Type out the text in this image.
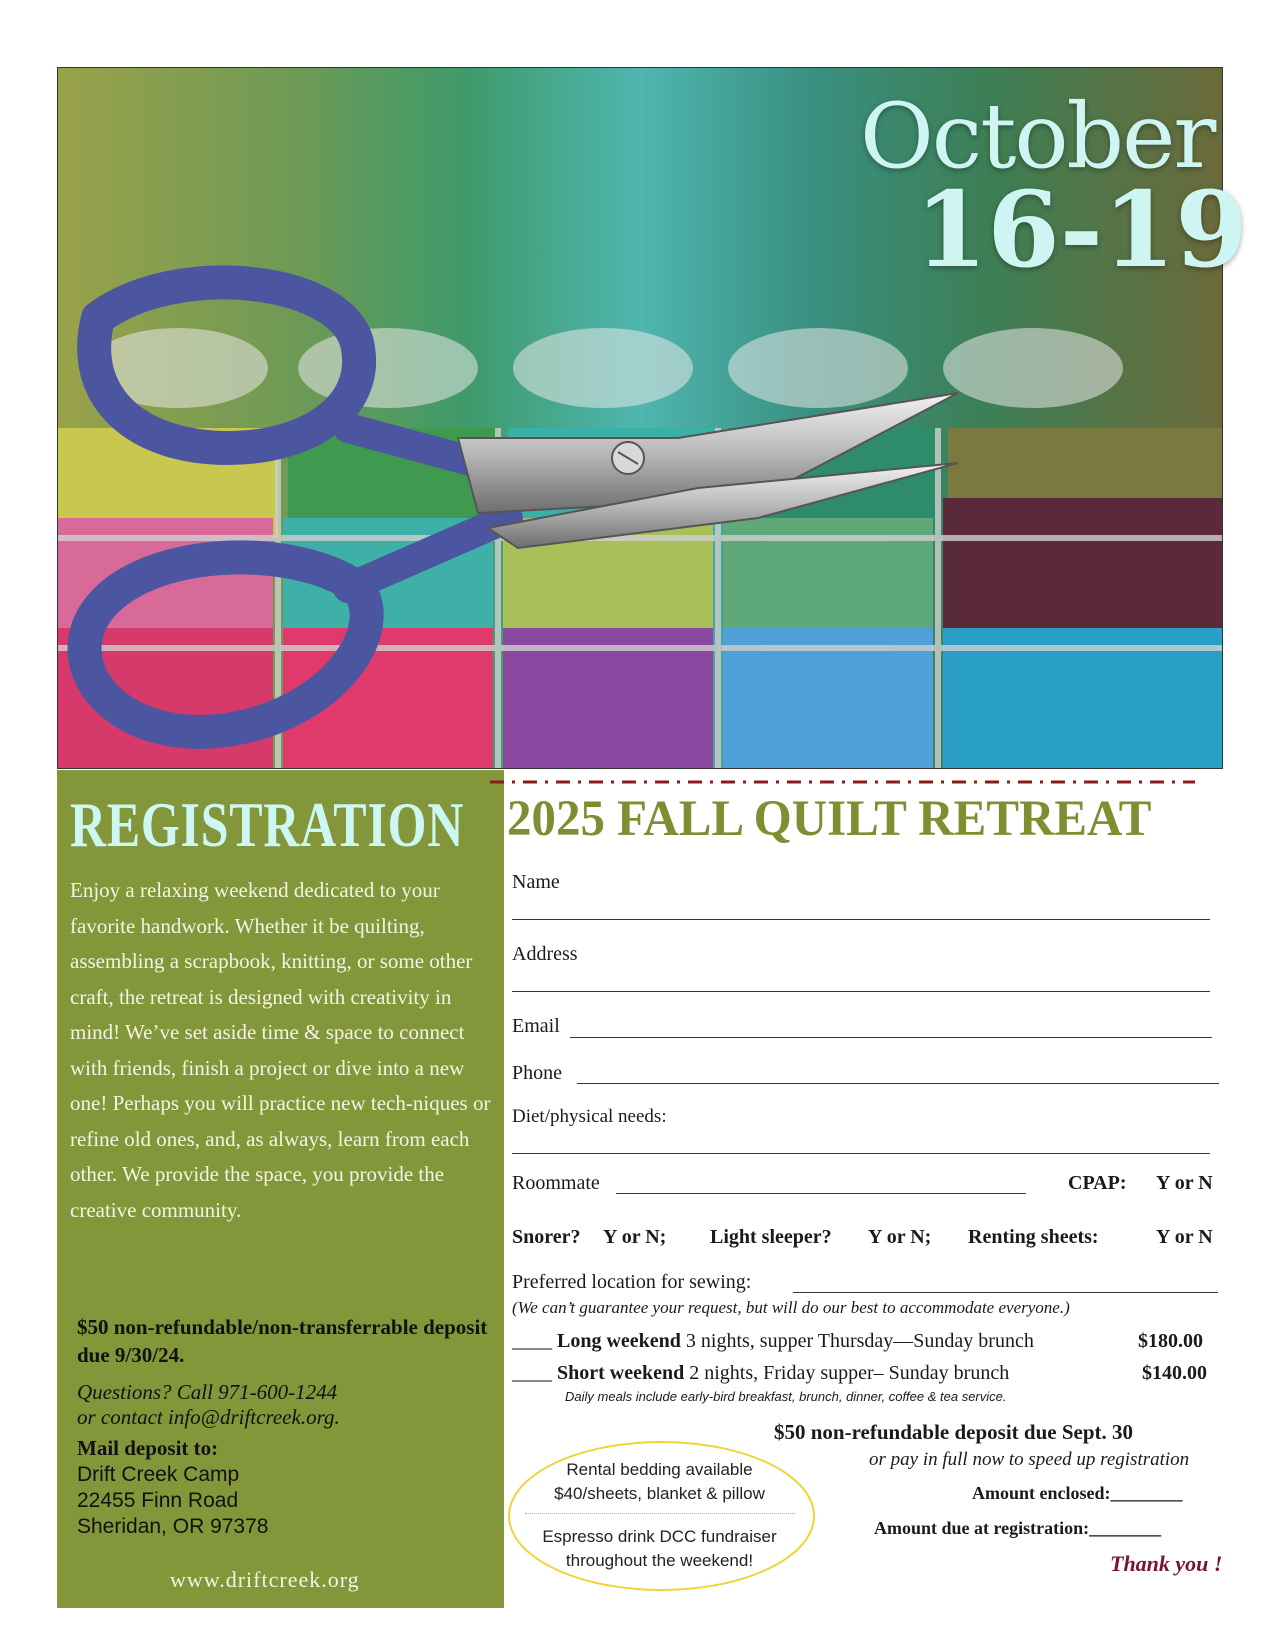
October
16-19
REGISTRATION
Enjoy a relaxing weekend dedicated to your favorite handwork. Whether it be quilting, assembling a scrapbook, knitting, or some other craft, the retreat is designed with creativity in mind! We’ve set aside time & space to connect with friends, finish a project or dive into a new one! Perhaps you will practice new tech-niques or refine old ones, and, as always, learn from each other. We provide the space, you provide the creative community.
$50 non-refundable/non-transferrable deposit due 9/30/24.
Questions? Call 971-600-1244
or contact info@driftcreek.org.
Mail deposit to:
Drift Creek Camp
22455 Finn Road
Sheridan, OR 97378
www.driftcreek.org
2025 FALL QUILT RETREAT
Name
Address
Email
Phone
Diet/physical needs:
Roommate	CPAP: Y or N
Snorer? Y or N; Light sleeper? Y or N; Renting sheets:	Y or N
Preferred location for sewing:
(We can’t guarantee your request, but will do our best to accommodate everyone.)
____ Long weekend 3 nights, supper Thursday—Sunday brunch	$180.00
____ Short weekend 2 nights, Friday supper– Sunday brunch	$140.00
Daily meals include early-bird breakfast, brunch, dinner, coffee & tea service.
$50 non-refundable deposit due Sept. 30
or pay in full now to speed up registration
Amount enclosed:________
Amount due at registration:________
Thank you !
Rental bedding available
$40/sheets, blanket & pillow
Espresso drink DCC fundraiser
throughout the weekend!
